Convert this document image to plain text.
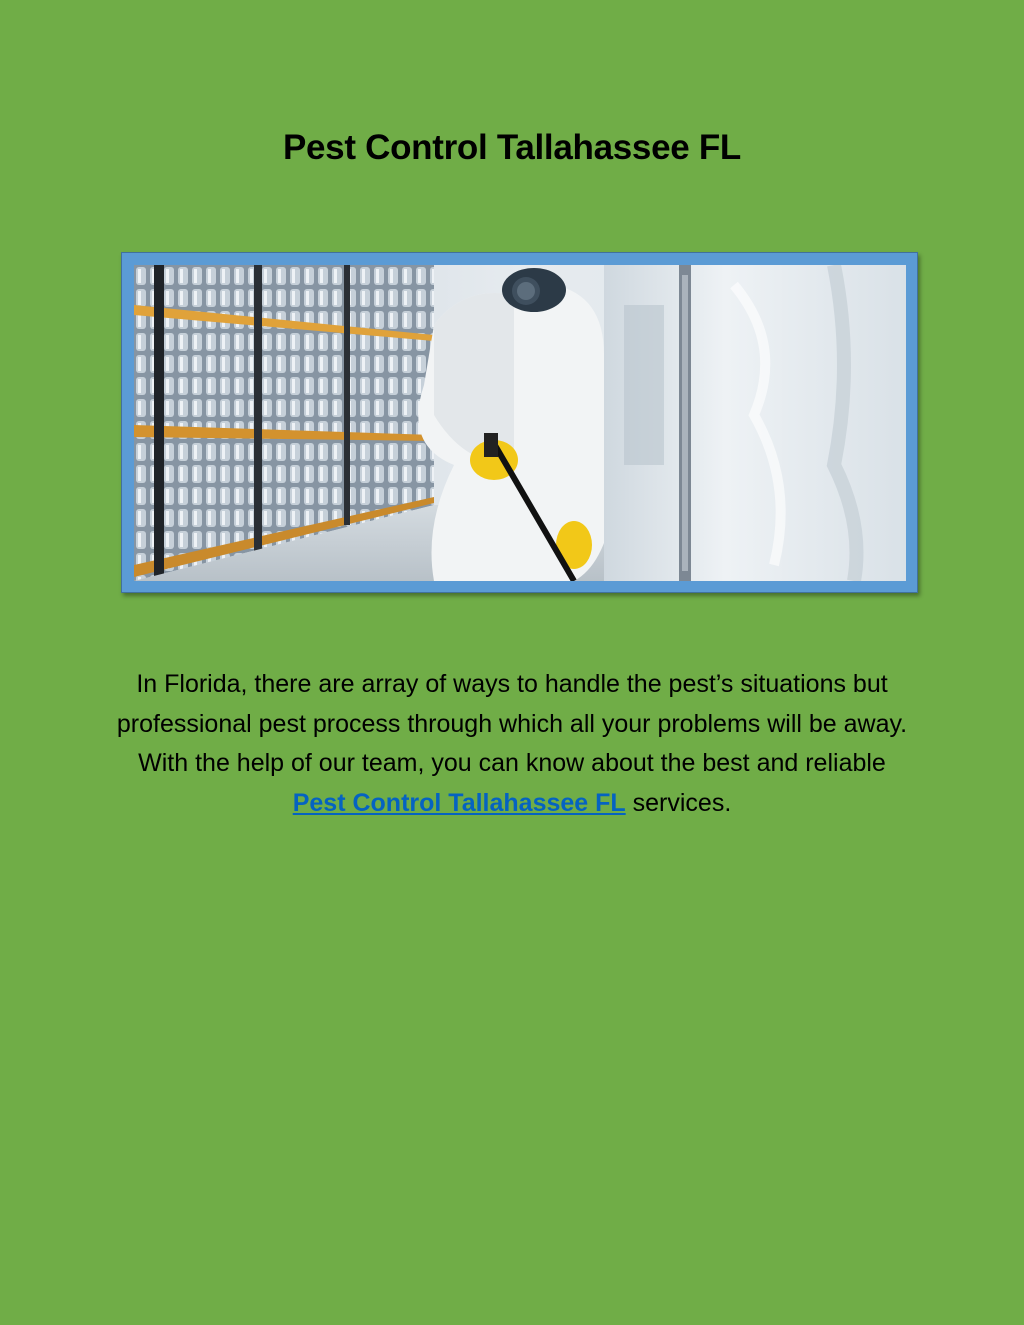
Pest Control Tallahassee FL

In Florida, there are array of ways to handle the pest’s situations but professional pest process through which all your problems will be away. With the help of our team, you can know about the best and reliable Pest Control Tallahassee FL services.
